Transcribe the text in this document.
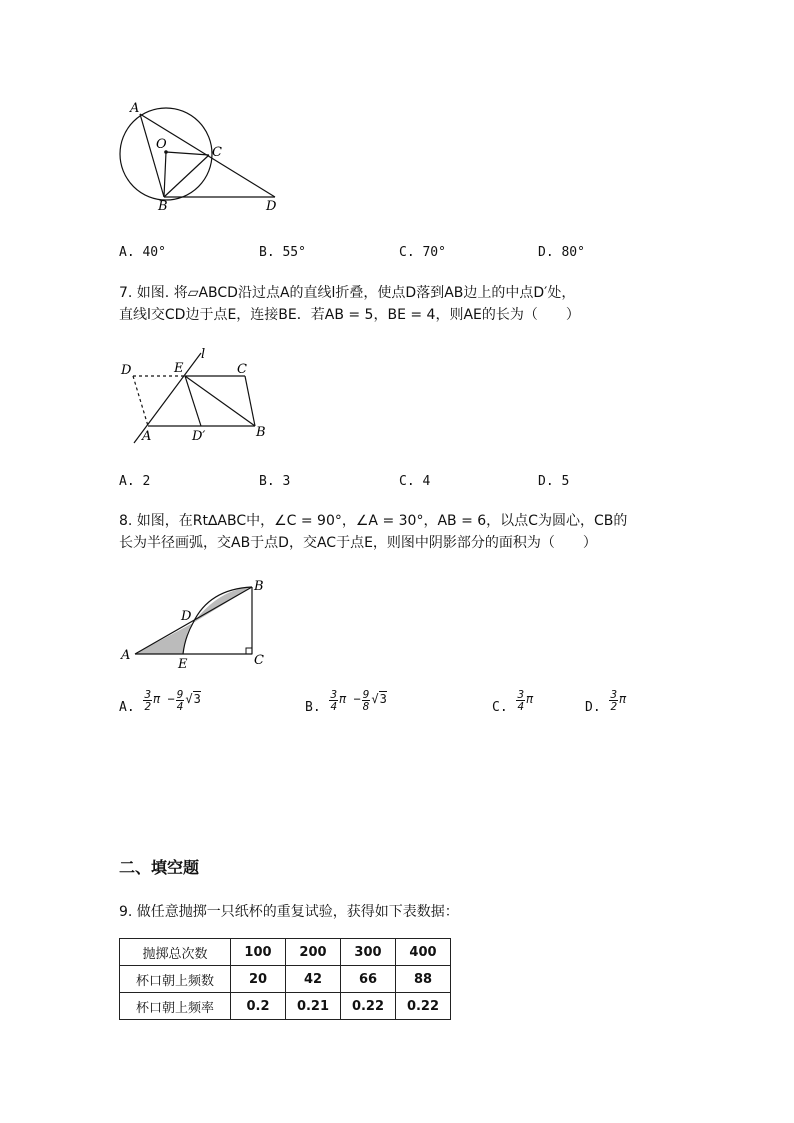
A
O
C
B	D
A. 40°	B. 55°	C. 70°	D. 80°
7. 如图. 将▱ABCD沿过点A的直线l折叠，使点D落到AB边上的中点D′处，
直线l交CD边于点E，连接BE．若AB = 5，BE = 4，则AE的长为（　　）
D	E
l
C
A	D′	B
A. 2	B. 3	C. 4	D. 5
8. 如图，在Rt∆ABC中，∠C = 90°，∠A = 30°，AB = 6，以点C为圆心，CB的
长为半径画弧，交AB于点D，交AC于点E，则图中阴影部分的面积为（　　）
B
D
A
E	C
A. $\frac{3}{2}$ $\pi - \frac{9}{4} √3$
B. $\frac{3}{4}$ $\pi - \frac{9}{8} √3$
C. $\frac{3}{4}$ π
D. $\frac{3}{2}$ π
二、填空题
9. 做任意抛掷一只纸杯的重复试验，获得如下表数据：
抛掷总次数	100	200	300	400
杯口朝上频数	20	42	66	88
杯口朝上频率	0.2	0.21	0.22	0.22
